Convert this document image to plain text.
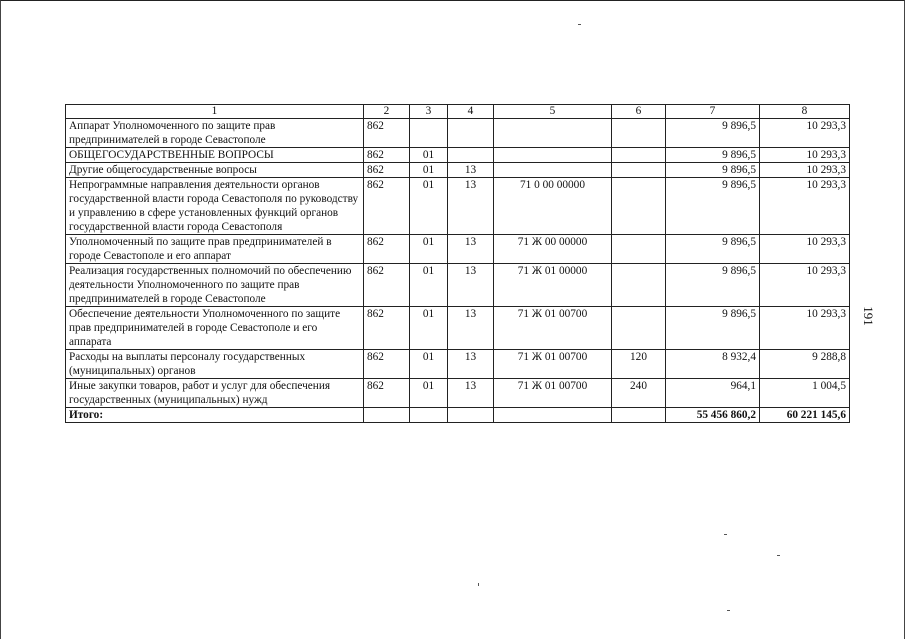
1	2	3	4	5	6	7	8
Аппарат Уполномоченного по защите прав предпринимателей в городе Севастополе	862					9 896,5	10 293,3
ОБЩЕГОСУДАРСТВЕННЫЕ ВОПРОСЫ	862	01				9 896,5	10 293,3
Другие общегосударственные вопросы	862	01	13			9 896,5	10 293,3
Непрограммные направления деятельности органов государственной власти города Севастополя по руководству и управлению в сфере установленных функций органов государственной власти города Севастополя	862	01	13	71 0 00 00000		9 896,5	10 293,3
Уполномоченный по защите прав предпринимателей в городе Севастополе и его аппарат	862	01	13	71 Ж 00 00000		9 896,5	10 293,3
Реализация государственных полномочий по обеспечению деятельности Уполномоченного по защите прав предпринимателей в городе Севастополе	862	01	13	71 Ж 01 00000		9 896,5	10 293,3
Обеспечение деятельности Уполномоченного по защите прав предпринимателей в городе Севастополе и его аппарата	862	01	13	71 Ж 01 00700		9 896,5	10 293,3
Расходы на выплаты персоналу государственных (муниципальных) органов	862	01	13	71 Ж 01 00700	120	8 932,4	9 288,8
Иные закупки товаров, работ и услуг для обеспечения государственных (муниципальных) нужд	862	01	13	71 Ж 01 00700	240	964,1	1 004,5
Итого:						55 456 860,2	60 221 145,6
191
